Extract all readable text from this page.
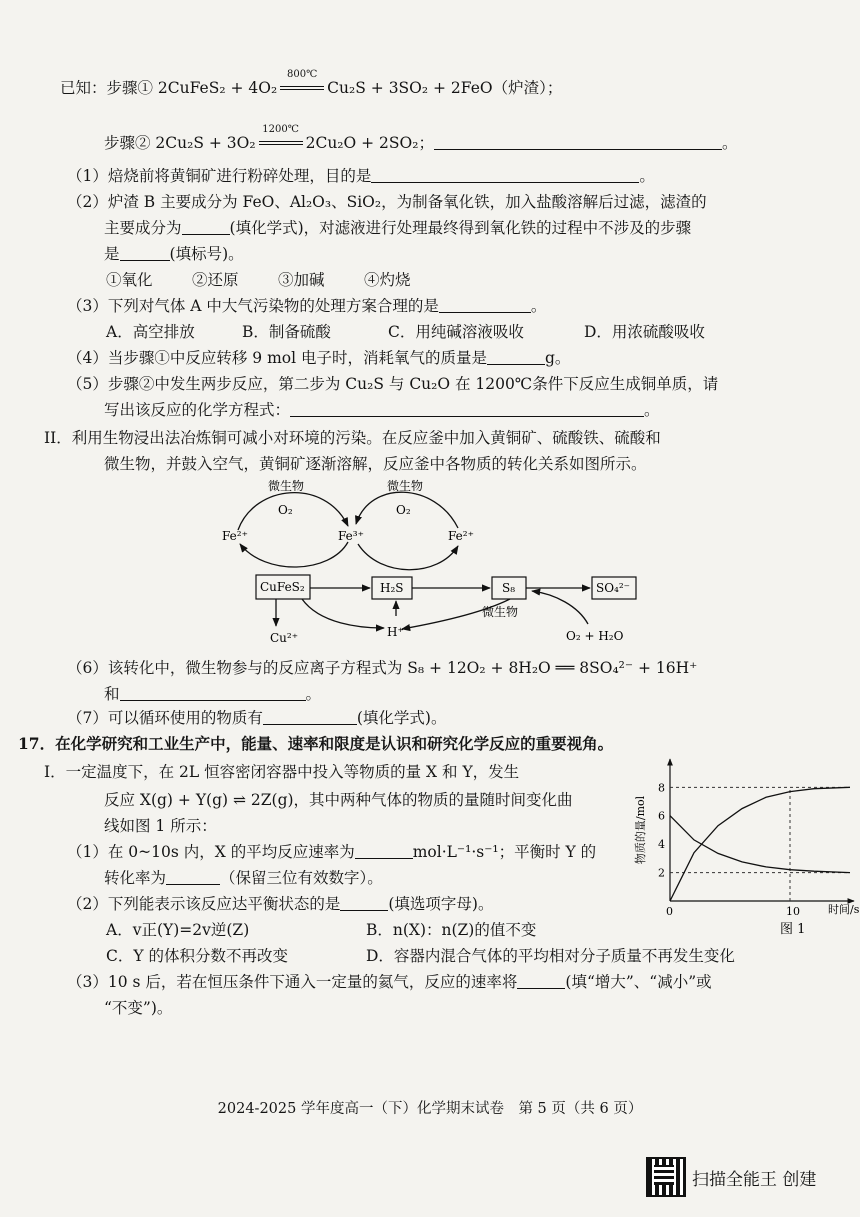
已知：步骤① 2CuFeS₂ + 4O₂
800℃
Cu₂S + 3SO₂ + 2FeO（炉渣）；
步骤② 2Cu₂S + 3O₂
1200℃
2Cu₂O + 2SO₂；	。
（1）焙烧前将黄铜矿进行粉碎处理，目的是	。
（2）炉渣 B 主要成分为 FeO、Al₂O₃、SiO₂，为制备氧化铁，加入盐酸溶解后过滤，滤渣的
主要成分为	(填化学式)，对滤液进行处理最终得到氧化铁的过程中不涉及的步骤
是	(填标号)。
①氧化	②还原	③加碱	④灼烧
（3）下列对气体 A 中大气污染物的处理方案合理的是	。
A．高空排放	B．制备硫酸	C．用纯碱溶液吸收	D．用浓硫酸吸收
（4）当步骤①中反应转移 9 mol 电子时，消耗氧气的质量是	g。
（5）步骤②中发生两步反应，第二步为 Cu₂S 与 Cu₂O 在 1200℃条件下反应生成铜单质，请
写出该反应的化学方程式：	。
II．利用生物浸出法冶炼铜可减小对环境的污染。在反应釜中加入黄铜矿、硫酸铁、硫酸和
微生物，并鼓入空气，黄铜矿逐渐溶解，反应釜中各物质的转化关系如图所示。
微生物
O₂
微生物
O₂
Fe²⁺	Fe³⁺	Fe²⁺
CuFeS₂	H₂S	S₈	SO₄²⁻
Cu²⁺	H⁺
微生物
O₂ + H₂O
（6）该转化中，微生物参与的反应离子方程式为 S₈ + 12O₂ + 8H₂O ══ 8SO₄²⁻ + 16H⁺
和	。
（7）可以循环使用的物质有	(填化学式)。
17．在化学研究和工业生产中，能量、速率和限度是认识和研究化学反应的重要视角。
Ⅰ．一定温度下，在 2L 恒容密闭容器中投入等物质的量 X 和 Y，发生
反应 X(g) + Y(g) ⇌ 2Z(g)，其中两种气体的物质的量随时间变化曲
线如图 1 所示：
（1）在 0~10s 内，X 的平均反应速率为	mol·L⁻¹·s⁻¹；平衡时 Y 的
转化率为	（保留三位有效数字）。
（2）下列能表示该反应达平衡状态的是	(填选项字母)。
A．v正(Y)=2v逆(Z)	B．n(X)：n(Z)的值不变
C．Y 的体积分数不再改变	D．容器内混合气体的平均相对分子质量不再发生变化
（3）10 s 后，若在恒压条件下通入一定量的氦气，反应的速率将	(填“增大”、“减小”或
“不变”)。
物质的量/mol
2
4
6
8
0	10
图 1
时间/s
2024-2025 学年度高一（下）化学期末试卷　第 5 页（共 6 页）
扫描全能王 创建
